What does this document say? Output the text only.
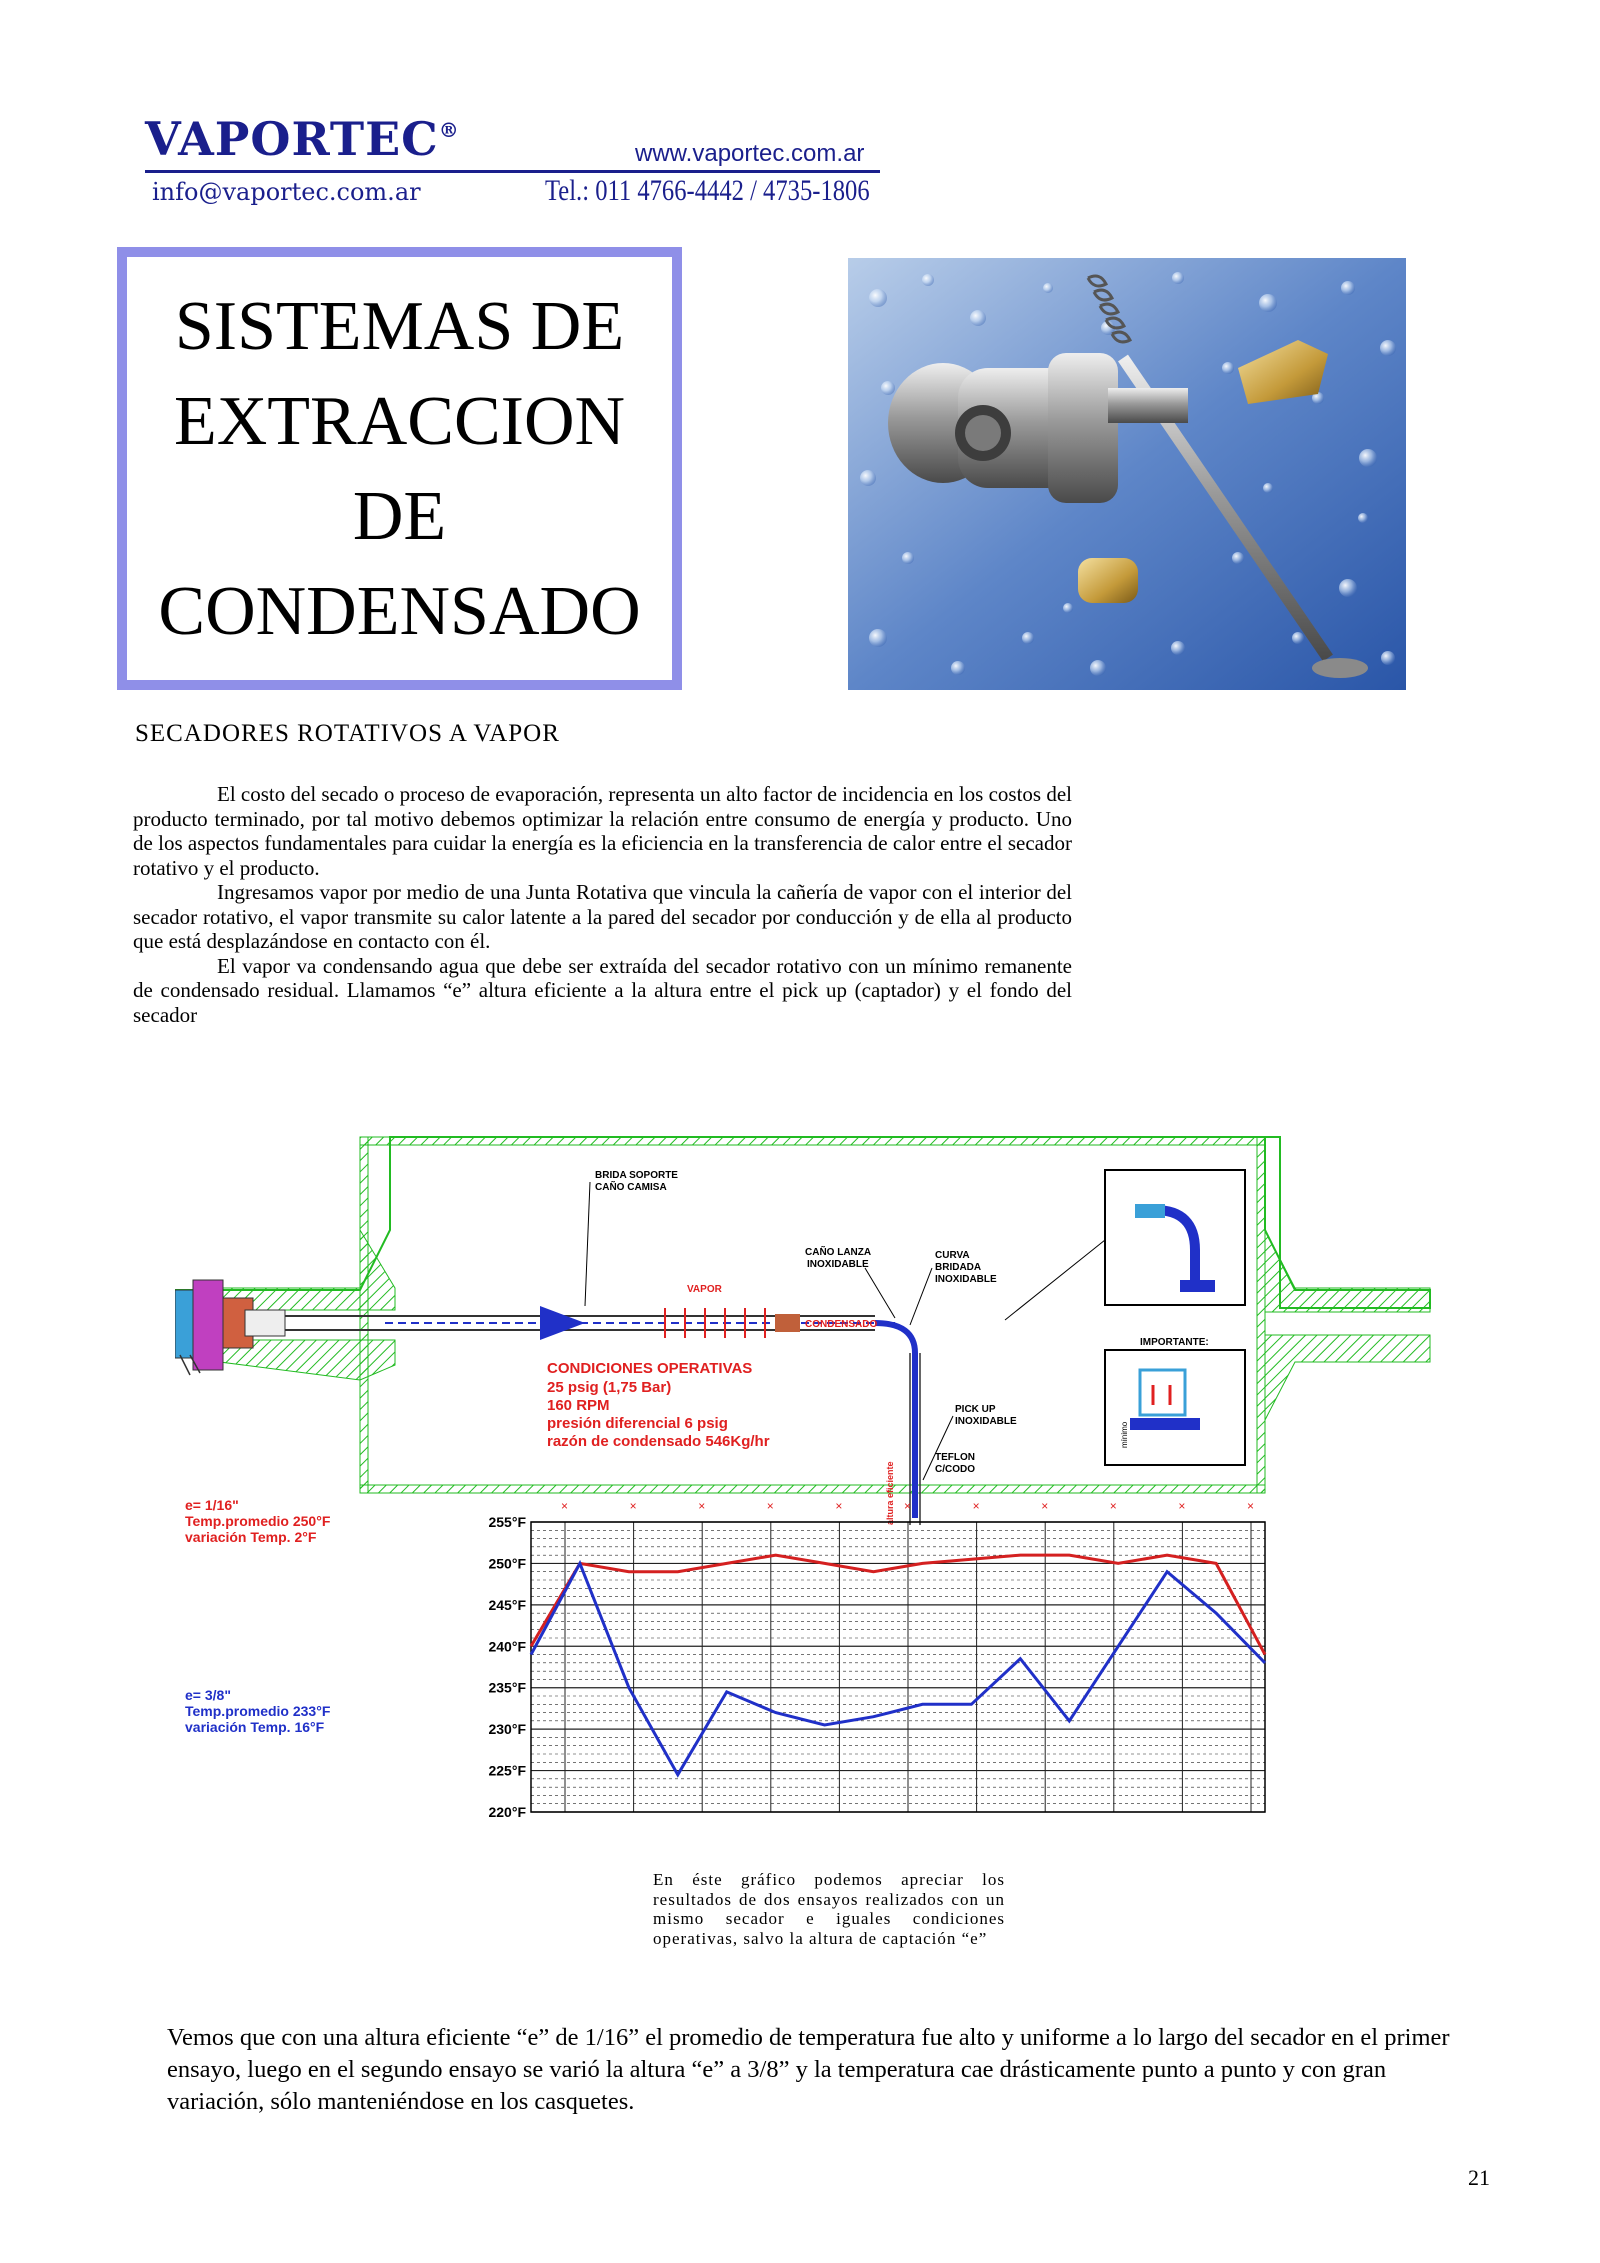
VAPORTEC®
www.vaportec.com.ar
info@vaportec.com.ar	Tel.: 011 4766-4442 / 4735-1806
SISTEMAS DE
EXTRACCION
DE
CONDENSADO
SECADORES ROTATIVOS A VAPOR

El costo del secado o proceso de evaporación, representa un alto factor de incidencia en los costos del producto terminado, por tal motivo debemos optimizar la relación entre consumo de energía y producto. Uno de los aspectos fundamentales para cuidar la energía es la eficiencia en la transferencia de calor entre el secador rotativo y el producto.

Ingresamos vapor por medio de una Junta Rotativa que vincula la cañería de vapor con el interior del secador rotativo, el vapor transmite su calor latente a la pared del secador por conducción y de ella al producto que está desplazándose en contacto con él.

El vapor va condensando agua que debe ser extraída del secador rotativo con un mínimo remanente de condensado residual. Llamamos “e” altura eficiente a la altura entre el pick up (captador) y el fondo del secador

BRIDA SOPORTE
CAÑO CAMISA
VAPOR
CAÑO LANZA
INOXIDABLE
CURVA
BRIDADA
INOXIDABLE
CONDENSADO
PICK UP
INOXIDABLE
TEFLON
C/CODO
altura eficiente
IMPORTANTE:
mínimo
CONDICIONES OPERATIVAS
25 psig (1,75 Bar)
160 RPM
presión diferencial 6 psig
razón de condensado 546Kg/hr
×	×	×	×	×	×	×	×	×	×	×
255°F
250°F
245°F
240°F
235°F
230°F
225°F
220°F
e= 1/16"
Temp.promedio 250°F
variación Temp. 2°F
e= 3/8"
Temp.promedio 233°F
variación Temp. 16°F
En éste gráfico podemos apreciar los resultados de dos ensayos realizados con un mismo secador e iguales condiciones operativas, salvo la altura de captación “e”
Vemos que con una altura eficiente “e” de 1/16” el promedio de temperatura fue alto y uniforme a lo largo del secador en el primer ensayo, luego en el segundo ensayo se varió la altura “e” a 3/8” y la temperatura cae drásticamente punto a punto y con gran variación, sólo manteniéndose en los casquetes.
21
